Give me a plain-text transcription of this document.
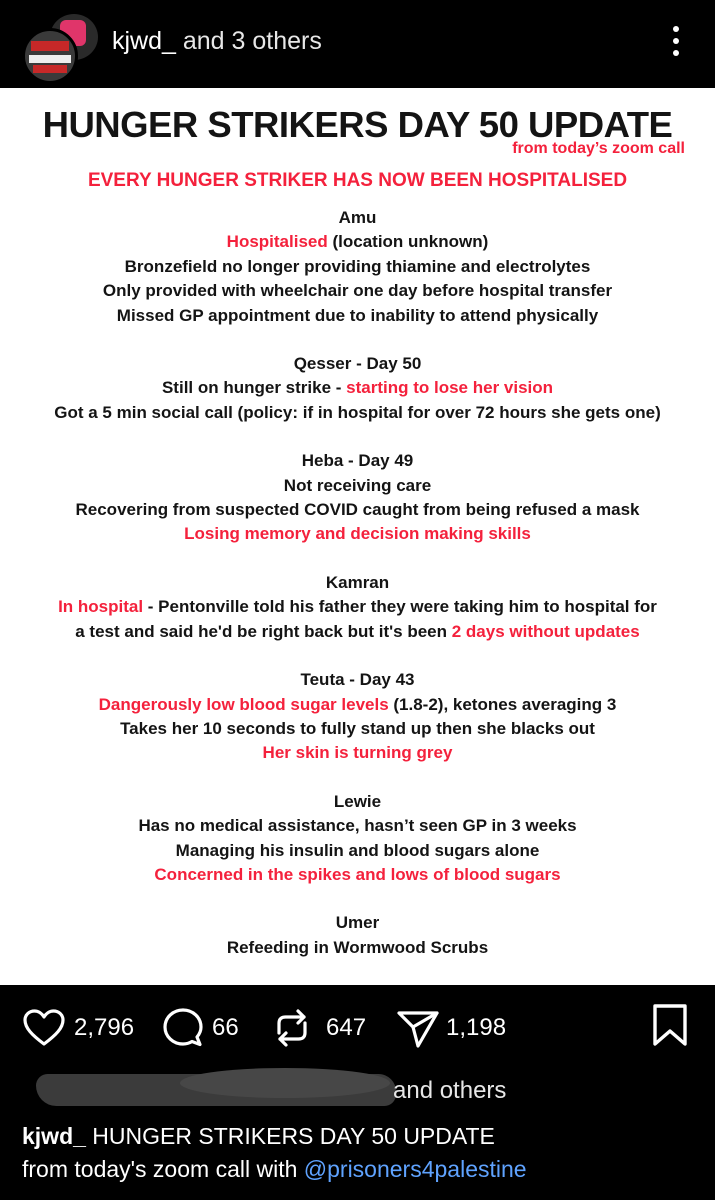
kjwd_ and 3 others
HUNGER STRIKERS DAY 50 UPDATE
from today’s zoom call
EVERY HUNGER STRIKER HAS NOW BEEN HOSPITALISED
Amu
Hospitalised (location unknown)
Bronzefield no longer providing thiamine and electrolytes
Only provided with wheelchair one day before hospital transfer
Missed GP appointment due to inability to attend physically
Qesser - Day 50
Still on hunger strike - starting to lose her vision
Got a 5 min social call (policy: if in hospital for over 72 hours she gets one)
Heba - Day 49
Not receiving care
Recovering from suspected COVID caught from being refused a mask
Losing memory and decision making skills
Kamran
In hospital - Pentonville told his father they were taking him to hospital for
a test and said he'd be right back but it's been 2 days without updates
Teuta - Day 43
Dangerously low blood sugar levels (1.8-2), ketones averaging 3
Takes her 10 seconds to fully stand up then she blacks out
Her skin is turning grey
Lewie
Has no medical assistance, hasn’t seen GP in 3 weeks
Managing his insulin and blood sugars alone
Concerned in the spikes and lows of blood sugars
Umer
Refeeding in Wormwood Scrubs
2,796	66	647	1,198
and others
kjwd_ HUNGER STRIKERS DAY 50 UPDATE
from today's zoom call with @prisoners4palestine
